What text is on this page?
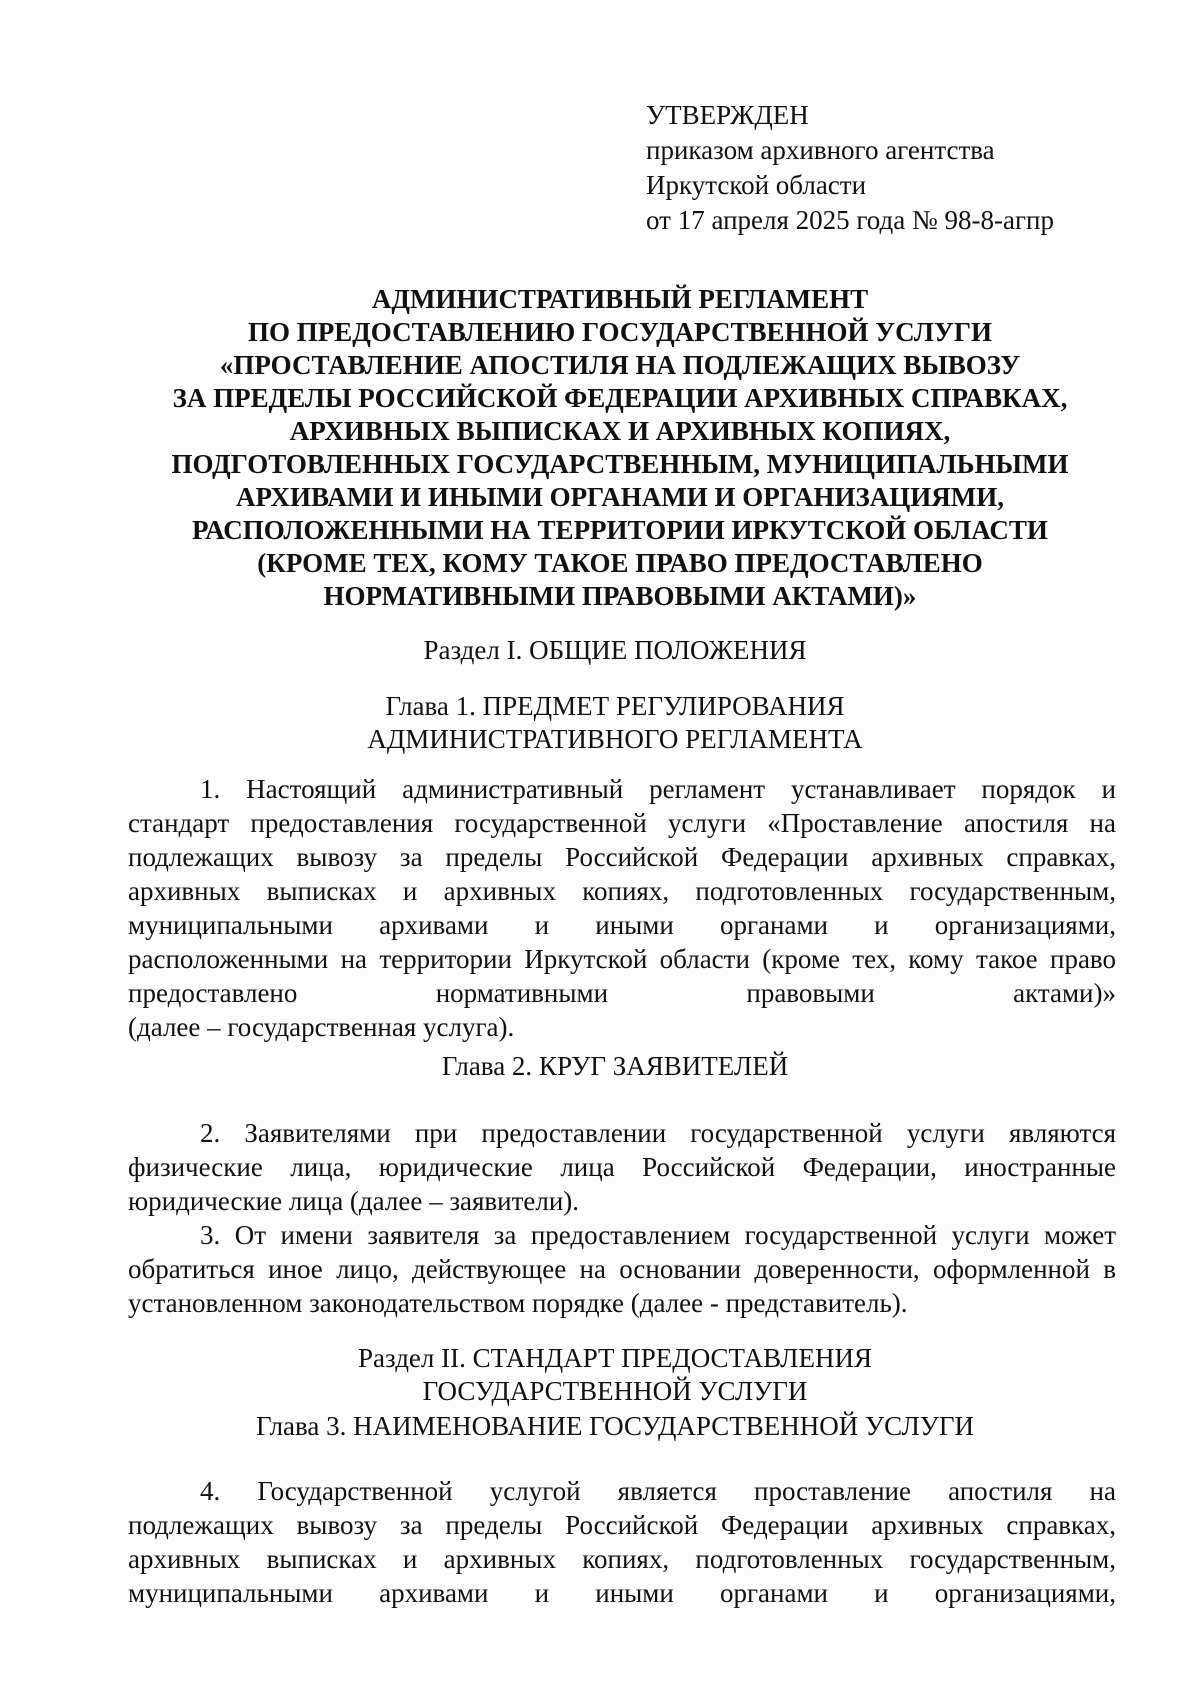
УТВЕРЖДЕН
приказом архивного агентства
Иркутской области
от 17 апреля 2025 года № 98-8-агпр
АДМИНИСТРАТИВНЫЙ РЕГЛАМЕНТ
ПО ПРЕДОСТАВЛЕНИЮ ГОСУДАРСТВЕННОЙ УСЛУГИ
«ПРОСТАВЛЕНИЕ АПОСТИЛЯ НА ПОДЛЕЖАЩИХ ВЫВОЗУ
ЗА ПРЕДЕЛЫ РОССИЙСКОЙ ФЕДЕРАЦИИ АРХИВНЫХ СПРАВКАХ,
АРХИВНЫХ ВЫПИСКАХ И АРХИВНЫХ КОПИЯХ,
ПОДГОТОВЛЕННЫХ ГОСУДАРСТВЕННЫМ, МУНИЦИПАЛЬНЫМИ
АРХИВАМИ И ИНЫМИ ОРГАНАМИ И ОРГАНИЗАЦИЯМИ,
РАСПОЛОЖЕННЫМИ НА ТЕРРИТОРИИ ИРКУТСКОЙ ОБЛАСТИ
(КРОМЕ ТЕХ, КОМУ ТАКОЕ ПРАВО ПРЕДОСТАВЛЕНО
НОРМАТИВНЫМИ ПРАВОВЫМИ АКТАМИ)»
Раздел I. ОБЩИЕ ПОЛОЖЕНИЯ
Глава 1. ПРЕДМЕТ РЕГУЛИРОВАНИЯ
АДМИНИСТРАТИВНОГО РЕГЛАМЕНТА
1. Настоящий административный регламент устанавливает порядок и
стандарт предоставления государственной услуги «Проставление апостиля на
подлежащих вывозу за пределы Российской Федерации архивных справках,
архивных выписках и архивных копиях, подготовленных государственным,
муниципальными архивами и иными органами и организациями,
расположенными на территории Иркутской области (кроме тех, кому такое право
предоставлено нормативными правовыми актами)»
(далее – государственная услуга).
Глава 2. КРУГ ЗАЯВИТЕЛЕЙ
2. Заявителями при предоставлении государственной услуги являются
физические лица, юридические лица Российской Федерации, иностранные
юридические лица (далее – заявители).
3. От имени заявителя за предоставлением государственной услуги может
обратиться иное лицо, действующее на основании доверенности, оформленной в
установленном законодательством порядке (далее - представитель).
Раздел II. СТАНДАРТ ПРЕДОСТАВЛЕНИЯ
ГОСУДАРСТВЕННОЙ УСЛУГИ
Глава 3. НАИМЕНОВАНИЕ ГОСУДАРСТВЕННОЙ УСЛУГИ
4. Государственной услугой является проставление апостиля на
подлежащих вывозу за пределы Российской Федерации архивных справках,
архивных выписках и архивных копиях, подготовленных государственным,
муниципальными архивами и иными органами и организациями,
